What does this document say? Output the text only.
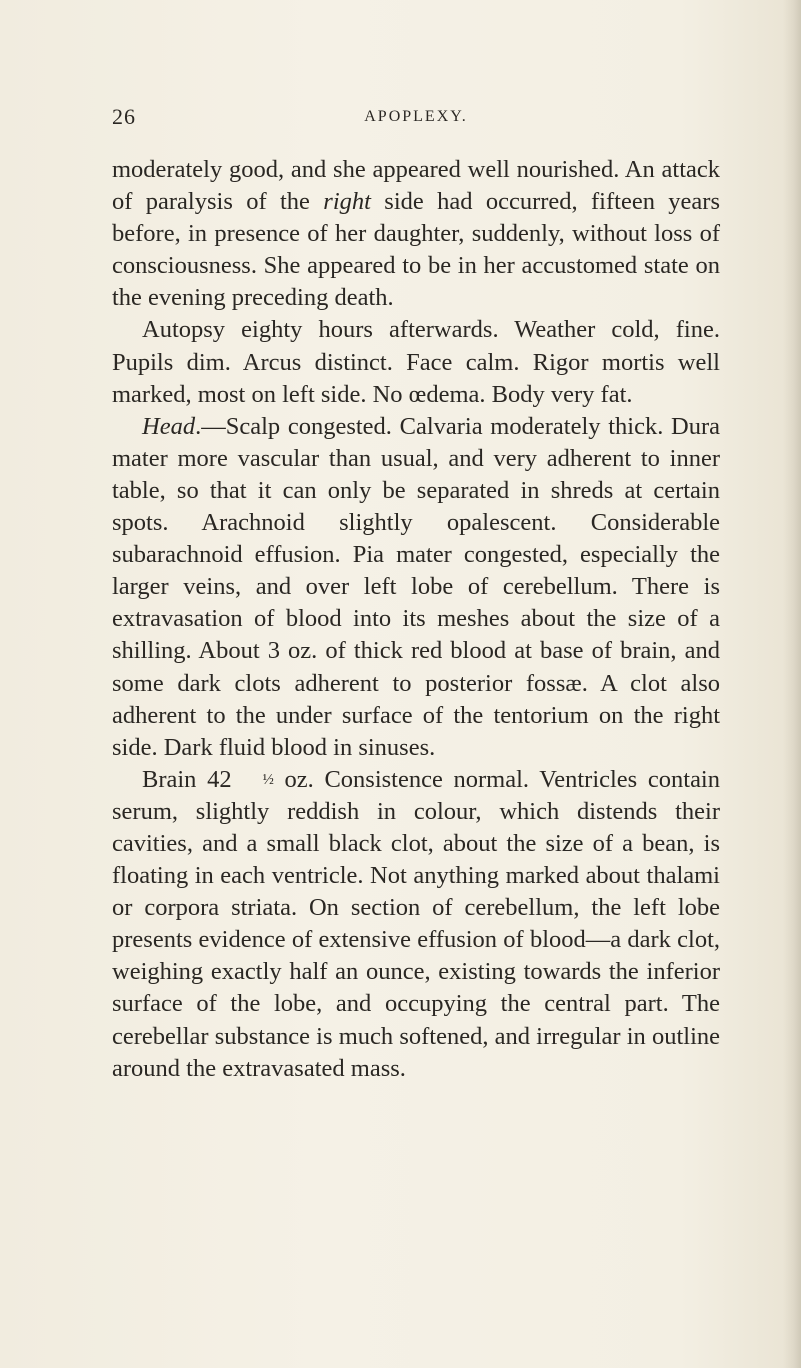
26	APOPLEXY.

moderately good, and she appeared well nourished. An attack of paralysis of the right side had occurred, fifteen years before, in presence of her daughter, suddenly, without loss of consciousness. She appeared to be in her accustomed state on the evening preceding death.

Autopsy eighty hours afterwards. Weather cold, fine. Pupils dim. Arcus distinct. Face calm. Rigor mortis well marked, most on left side. No œdema. Body very fat.

Head.—Scalp congested. Calvaria moderately thick. Dura mater more vascular than usual, and very adherent to inner table, so that it can only be separated in shreds at certain spots. Arachnoid slightly opalescent. Considerable subarachnoid effusion. Pia mater congested, especially the larger veins, and over left lobe of cerebellum. There is extravasation of blood into its meshes about the size of a shilling. About 3 oz. of thick red blood at base of brain, and some dark clots adherent to posterior fossæ. A clot also adherent to the under surface of the tentorium on the right side. Dark fluid blood in sinuses.

Brain 42 ½ oz. Consistence normal. Ventricles contain serum, slightly reddish in colour, which distends their cavities, and a small black clot, about the size of a bean, is floating in each ventricle. Not anything marked about thalami or corpora striata. On section of cerebellum, the left lobe presents evidence of extensive effusion of blood—a dark clot, weighing exactly half an ounce, existing towards the inferior surface of the lobe, and occupying the central part. The cerebellar substance is much softened, and irregular in outline around the extravasated mass.
